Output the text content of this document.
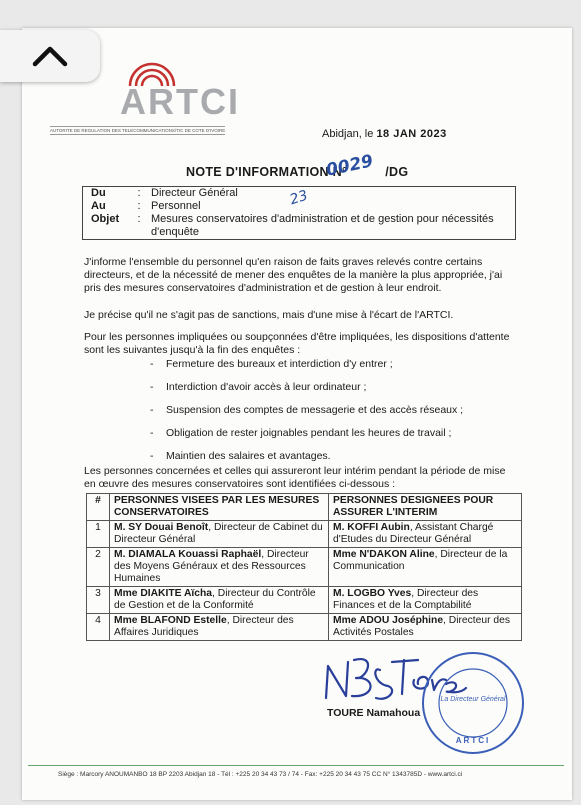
ARTCI
AUTORITE DE REGULATION DES TELECOMMUNICATIONS/TIC DE COTE D'IVOIRE	Abidjan, le 18 JAN 2023
NOTE D'INFORMATION N°	/DG
0029
23
Du	: Directeur Général
Au	: Personnel
Objet	: Mesures conservatoires d'administration et de gestion pour nécessités d'enquête

J'informe l'ensemble du personnel qu'en raison de faits graves relevés contre certains directeurs, et de la nécessité de mener des enquêtes de la manière la plus appropriée, j'ai pris des mesures conservatoires d'administration et de gestion à leur endroit.

Je précise qu'il ne s'agit pas de sanctions, mais d'une mise à l'écart de l'ARTCI.

Pour les personnes impliquées ou soupçonnées d'être impliquées, les dispositions d'attente sont les suivantes jusqu'à la fin des enquêtes :

- Fermeture des bureaux et interdiction d'y entrer ;
- Interdiction d'avoir accès à leur ordinateur ;
- Suspension des comptes de messagerie et des accès réseaux ;
- Obligation de rester joignables pendant les heures de travail ;
- Maintien des salaires et avantages.

Les personnes concernées et celles qui assureront leur intérim pendant la période de mise en œuvre des mesures conservatoires sont identifiées ci-dessous :

#	PERSONNES VISEES PAR LES MESURES CONSERVATOIRES	PERSONNES DESIGNEES POUR ASSURER L'INTERIM
1	M. SY Douai Benoît, Directeur de Cabinet du Directeur Général	M. KOFFI Aubin, Assistant Chargé d'Etudes du Directeur Général
2	M. DIAMALA Kouassi Raphaël, Directeur des Moyens Généraux et des Ressources Humaines	Mme N'DAKON Aline, Directeur de la Communication
3	Mme DIAKITE Aïcha, Directeur du Contrôle de Gestion et de la Conformité	M. LOGBO Yves, Directeur des Finances et de la Comptabilité
4	Mme BLAFOND Estelle, Directeur des Affaires Juridiques	Mme ADOU Joséphine, Directeur des Activités Postales
La Directeur Général
ARTCI
TOURE Namahoua
Siège : Marcory ANOUMANBO 18 BP 2203 Abidjan 18 - Tél : +225 20 34 43 73 / 74 - Fax: +225 20 34 43 75 CC N° 1343785D - www.artci.ci
